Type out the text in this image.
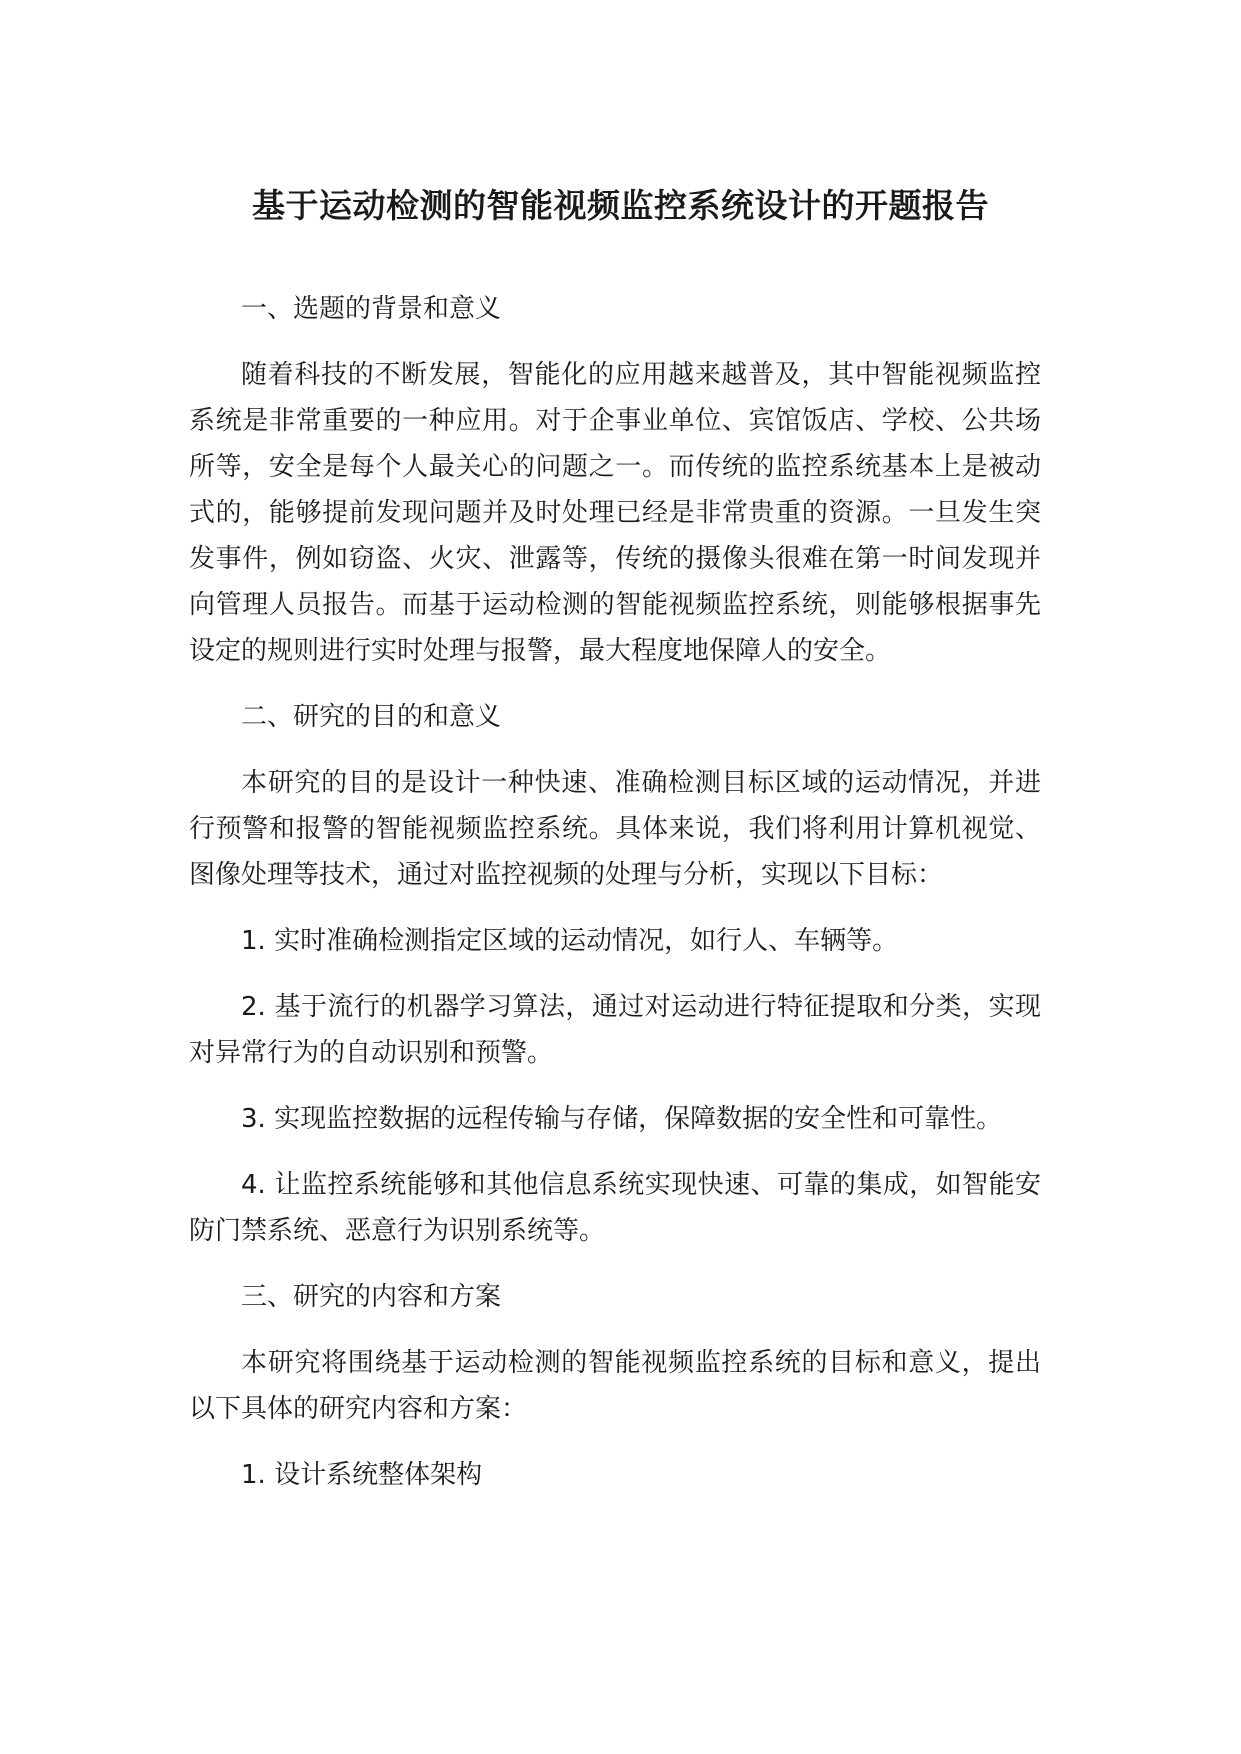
基于运动检测的智能视频监控系统设计的开题报告

一、选题的背景和意义

随着科技的不断发展，智能化的应用越来越普及，其中智能视频监控系统是非常重要的一种应用。对于企事业单位、宾馆饭店、学校、公共场所等，安全是每个人最关心的问题之一。而传统的监控系统基本上是被动式的，能够提前发现问题并及时处理已经是非常贵重的资源。一旦发生突发事件，例如窃盗、火灾、泄露等，传统的摄像头很难在第一时间发现并向管理人员报告。而基于运动检测的智能视频监控系统，则能够根据事先设定的规则进行实时处理与报警，最大程度地保障人的安全。

二、研究的目的和意义

本研究的目的是设计一种快速、准确检测目标区域的运动情况，并进行预警和报警的智能视频监控系统。具体来说，我们将利用计算机视觉、图像处理等技术，通过对监控视频的处理与分析，实现以下目标：

1. 实时准确检测指定区域的运动情况，如行人、车辆等。

2. 基于流行的机器学习算法，通过对运动进行特征提取和分类，实现对异常行为的自动识别和预警。

3. 实现监控数据的远程传输与存储，保障数据的安全性和可靠性。

4. 让监控系统能够和其他信息系统实现快速、可靠的集成，如智能安防门禁系统、恶意行为识别系统等。

三、研究的内容和方案

本研究将围绕基于运动检测的智能视频监控系统的目标和意义，提出以下具体的研究内容和方案：

1. 设计系统整体架构
